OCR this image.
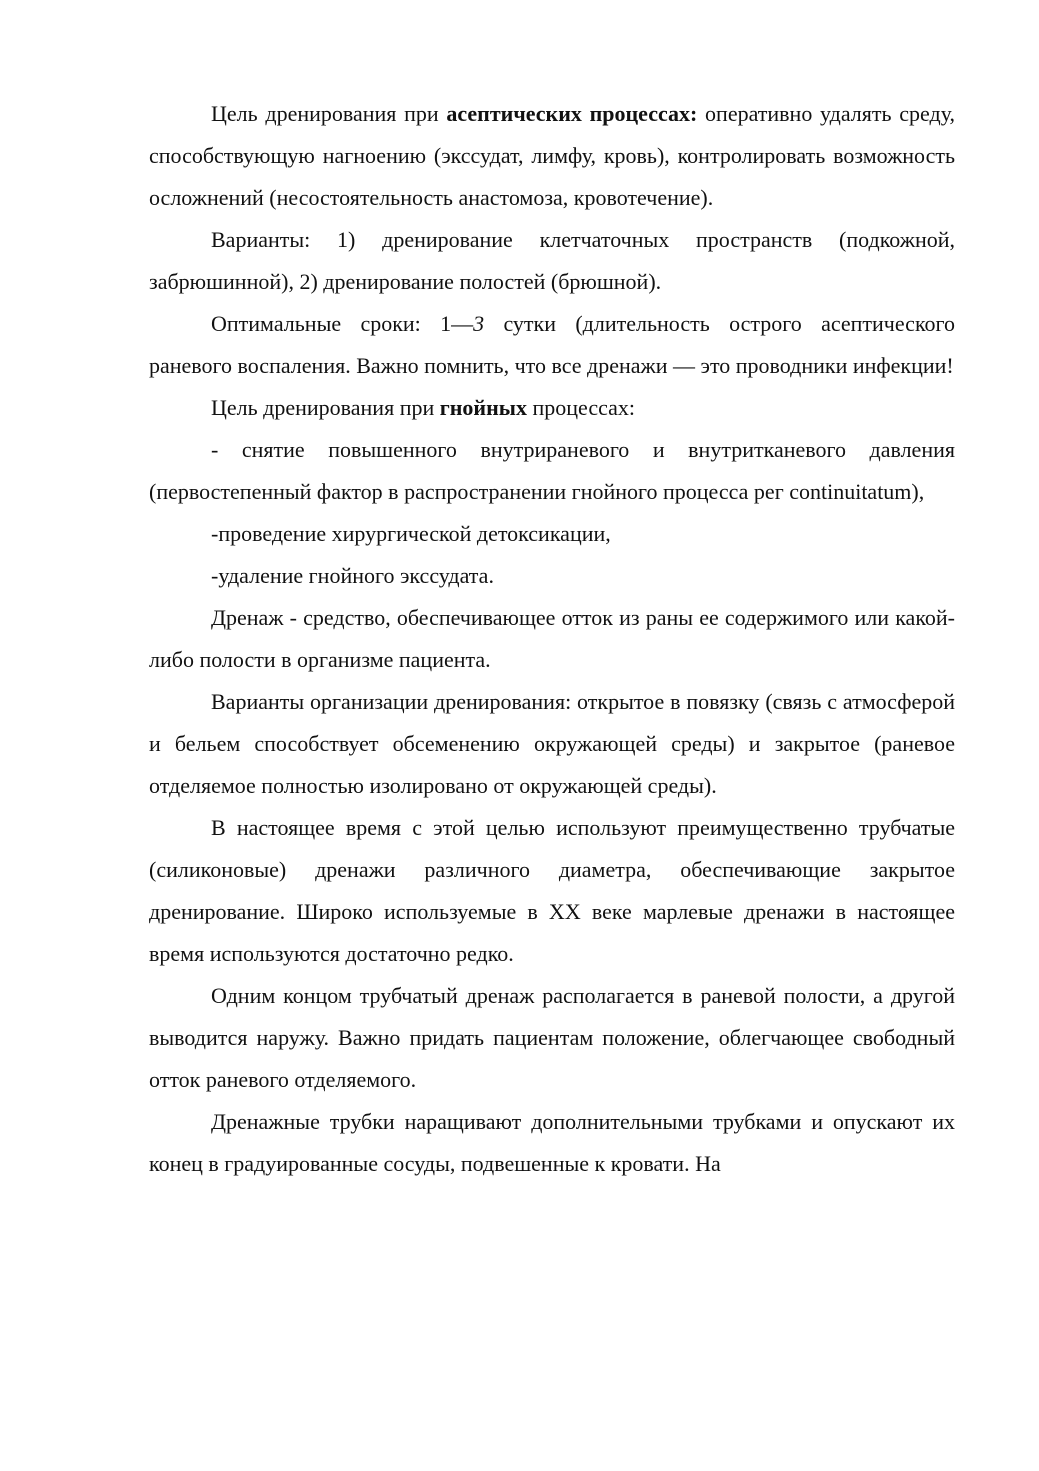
Цель дренирования при асептических процессах: оперативно удалять среду, способствующую нагноению (экссудат, лимфу, кровь), контролировать возможность осложнений (несостоятельность анастомоза, кровотечение).

Варианты: 1) дренирование клетчаточных пространств (подкожной, забрюшинной), 2) дренирование полостей (брюшной).

Оптимальные сроки: 1—3 сутки (длительность острого асептического раневого воспаления. Важно помнить, что все дренажи — это проводники инфекции!

Цель дренирования при гнойных процессах:

- снятие повышенного внутрираневого и внутритканевого давления (первостепенный фактор в распространении гнойного процесса рег continuitatum),

-проведение хирургической детоксикации,

-удаление гнойного экссудата.

Дренаж - средство, обеспечивающее отток из раны ее содержимого или какой-либо полости в организме пациента.

Варианты организации дренирования: открытое в повязку (связь с атмосферой и бельем способствует обсеменению окружающей среды) и закрытое (раневое отделяемое полностью изолировано от окружающей среды).

В настоящее время с этой целью используют преимущественно трубчатые (силиконовые) дренажи различного диаметра, обеспечивающие закрытое дренирование. Широко используемые в XX веке марлевые дренажи в настоящее время используются достаточно редко.

Одним концом трубчатый дренаж располагается в раневой полости, а другой выводится наружу. Важно придать пациентам положение, облегчающее свободный отток раневого отделяемого.

Дренажные трубки наращивают дополнительными трубками и опускают их конец в градуированные сосуды, подвешенные к кровати. На
